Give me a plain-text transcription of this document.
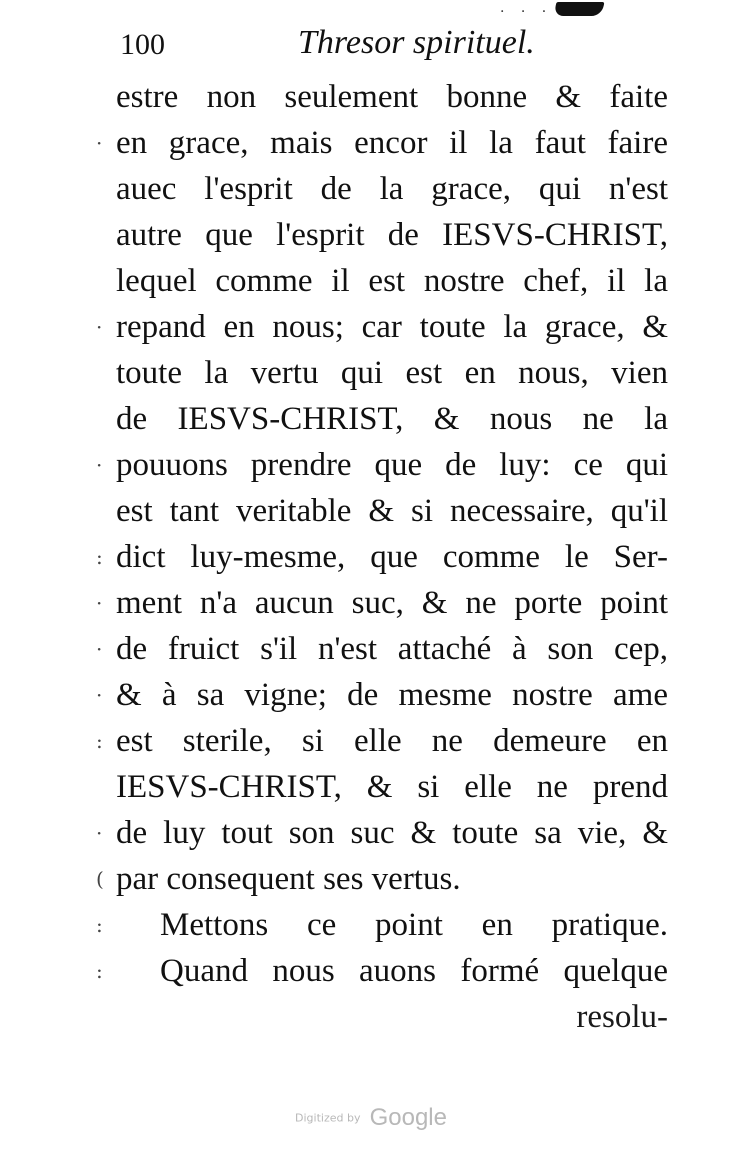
· · ·
100	Thresor spirituel.
·
·
·
:
·
·
·
:
·
(
:
:
estre non seulement bonne & faite
en grace, mais encor il la faut faire
auec l'esprit de la grace, qui n'est
autre que l'esprit de IESVS-CHRIST,
lequel comme il est nostre chef, il la
repand en nous; car toute la grace, &
toute la vertu qui est en nous, vien
de IESVS-CHRIST, & nous ne la
pouuons prendre que de luy: ce qui
est tant veritable & si necessaire, qu'il
dict luy-mesme, que comme le Ser-
ment n'a aucun suc, & ne porte point
de fruict s'il n'est attaché à son cep,
& à sa vigne; de mesme nostre ame
est sterile, si elle ne demeure en
IESVS-CHRIST, & si elle ne prend
de luy tout son suc & toute sa vie, &
par consequent ses vertus.
Mettons ce point en pratique.
Quand nous auons formé quelque
resolu-
Digitized by Google
